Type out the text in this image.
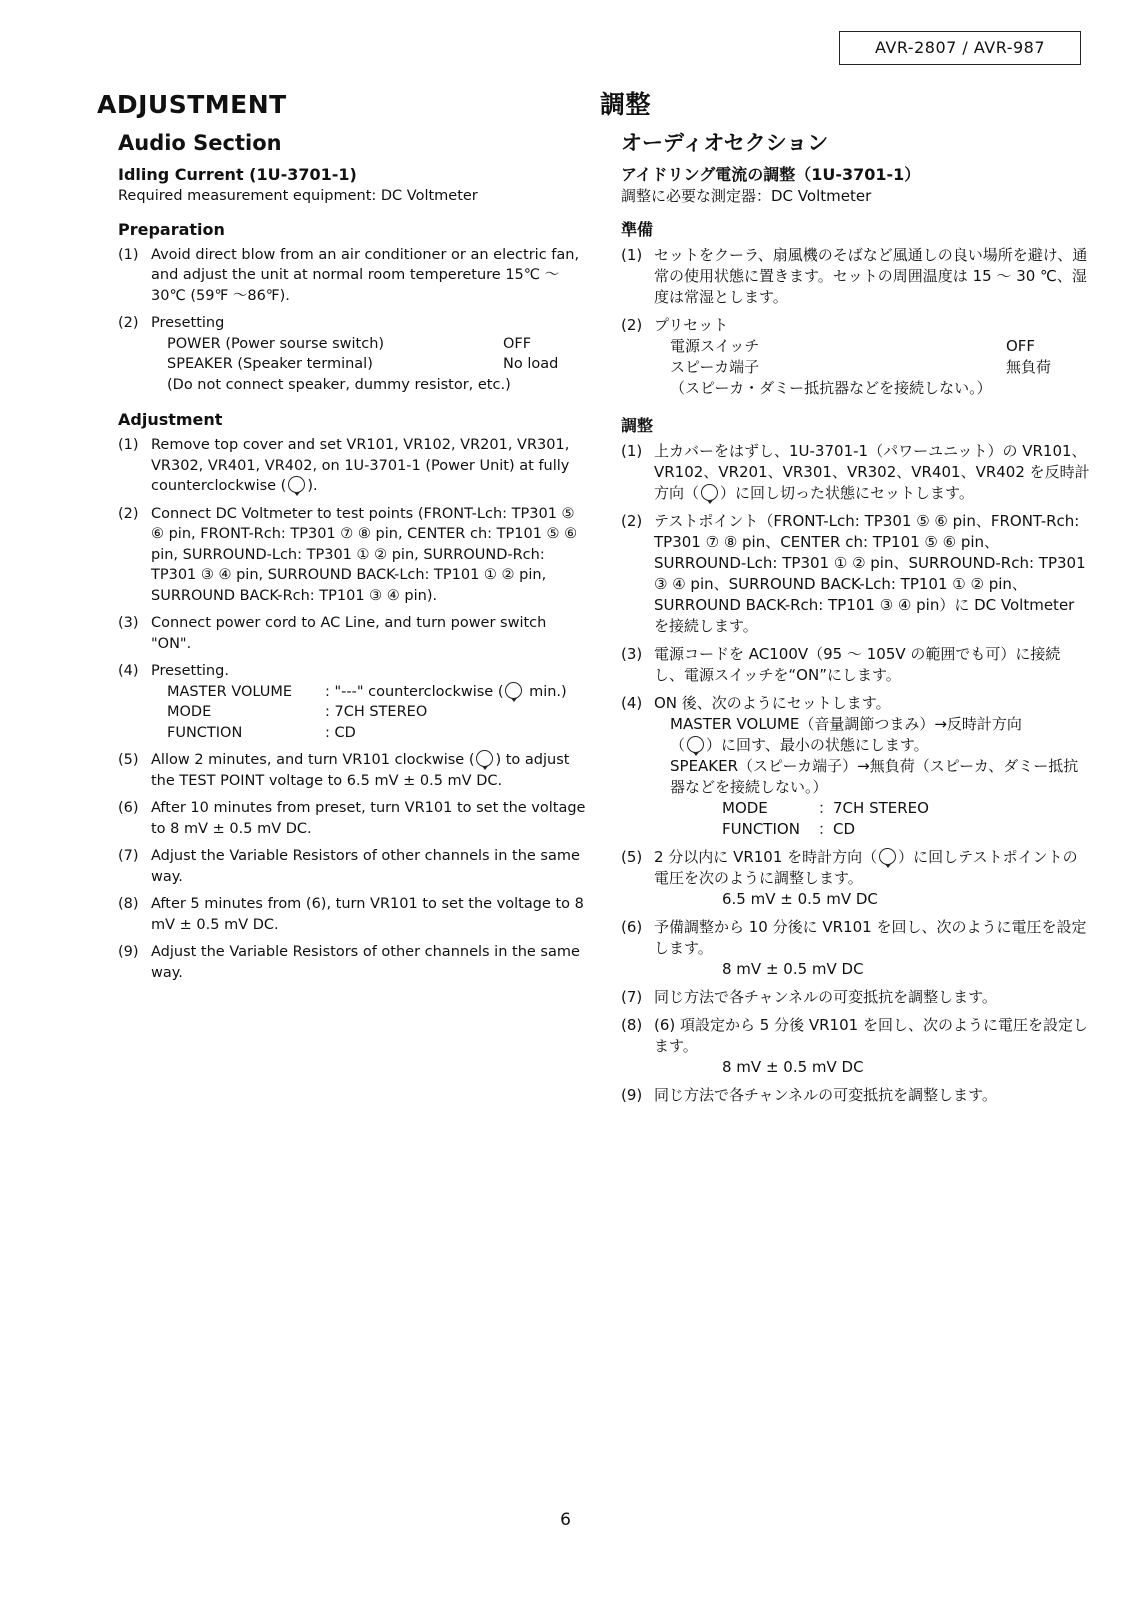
AVR-2807 / AVR-987
ADJUSTMENT
Audio Section
Idling Current (1U-3701-1)
Required measurement equipment: DC Voltmeter
Preparation
(1) Avoid direct blow from an air conditioner or an electric fan, and adjust the unit at normal room tempereture 15℃ ～30℃ (59℉ ～86℉).
(2) Presetting
POWER (Power sourse switch)	OFF
SPEAKER (Speaker terminal)	No load
(Do not connect speaker, dummy resistor, etc.)
Adjustment
(1) Remove top cover and set VR101, VR102, VR201, VR301, VR302, VR401, VR402, on 1U-3701-1 (Power Unit) at fully counterclockwise ( ).
(2) Connect DC Voltmeter to test points (FRONT-Lch: TP301 ⑤ ⑥ pin, FRONT-Rch: TP301 ⑦ ⑧ pin, CENTER ch: TP101 ⑤ ⑥ pin, SURROUND-Lch: TP301 ① ② pin, SURROUND-Rch: TP301 ③ ④ pin, SURROUND BACK-Lch: TP101 ① ② pin, SURROUND BACK-Rch: TP101 ③ ④ pin).
(3) Connect power cord to AC Line, and turn power switch "ON".
(4) Presetting.
MASTER VOLUME	: "---" counterclockwise ( min.)
MODE	: 7CH STEREO
FUNCTION	: CD
(5) Allow 2 minutes, and turn VR101 clockwise ( ) to adjust the TEST POINT voltage to 6.5 mV ± 0.5 mV DC.
(6) After 10 minutes from preset, turn VR101 to set the voltage to 8 mV ± 0.5 mV DC.
(7) Adjust the Variable Resistors of other channels in the same way.
(8) After 5 minutes from (6), turn VR101 to set the voltage to 8 mV ± 0.5 mV DC.
(9) Adjust the Variable Resistors of other channels in the same way.
調整
オーディオセクション
アイドリング電流の調整（1U-3701-1）
調整に必要な測定器：DC Voltmeter
準備
(1) セットをクーラ、扇風機のそばなど風通しの良い場所を避け、通常の使用状態に置きます。セットの周囲温度は 15 ～ 30 ℃、湿度は常湿とします。
(2) プリセット
電源スイッチ	OFF
スピーカ端子	無負荷
（スピーカ・ダミー抵抗器などを接続しない。）
調整
(1) 上カバーをはずし、1U-3701-1（パワーユニット）の VR101、VR102、VR201、VR301、VR302、VR401、VR402 を反時計方向（ ）に回し切った状態にセットします。
(2) テストポイント（FRONT-Lch: TP301 ⑤ ⑥ pin、FRONT-Rch: TP301 ⑦ ⑧ pin、CENTER ch: TP101 ⑤ ⑥ pin、SURROUND-Lch: TP301 ① ② pin、SURROUND-Rch: TP301 ③ ④ pin、SURROUND BACK-Lch: TP101 ① ② pin、SURROUND BACK-Rch: TP101 ③ ④ pin）に DC Voltmeter を接続します。
(3) 電源コードを AC100V（95 ～ 105V の範囲でも可）に接続し、電源スイッチを“ON”にします。
(4) ON 後、次のようにセットします。
MASTER VOLUME（音量調節つまみ）→反時計方向
（ ）に回す、最小の状態にします。
SPEAKER（スピーカ端子）→無負荷（スピーカ、ダミー抵抗器などを接続しない。）
MODE	：7CH STEREO
FUNCTION	：CD
(5) 2 分以内に VR101 を時計方向（ ）に回しテストポイントの電圧を次のように調整します。
6.5 mV ± 0.5 mV DC
(6) 予備調整から 10 分後に VR101 を回し、次のように電圧を設定します。
8 mV ± 0.5 mV DC
(7) 同じ方法で各チャンネルの可変抵抗を調整します。
(8) (6) 項設定から 5 分後 VR101 を回し、次のように電圧を設定します。
8 mV ± 0.5 mV DC
(9) 同じ方法で各チャンネルの可変抵抗を調整します。
6
